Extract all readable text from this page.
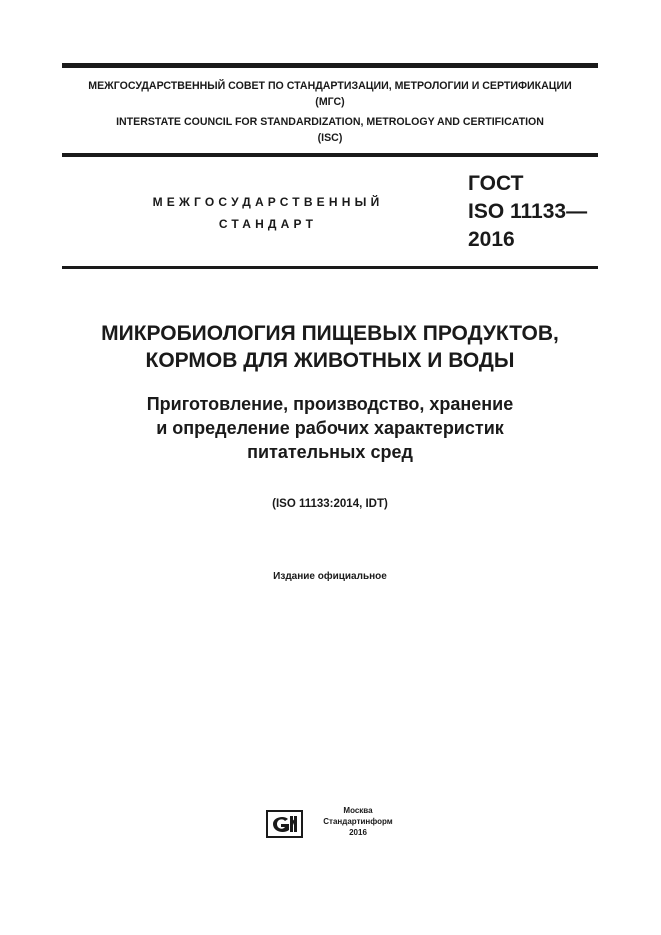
МЕЖГОСУДАРСТВЕННЫЙ СОВЕТ ПО СТАНДАРТИЗАЦИИ, МЕТРОЛОГИИ И СЕРТИФИКАЦИИ
(МГС)
INTERSTATE COUNCIL FOR STANDARDIZATION, METROLOGY AND CERTIFICATION
(ISC)
МЕЖГОСУДАРСТВЕННЫЙ
СТАНДАРТ
ГОСТ
ISO 11133—
2016
МИКРОБИОЛОГИЯ ПИЩЕВЫХ ПРОДУКТОВ,
КОРМОВ ДЛЯ ЖИВОТНЫХ И ВОДЫ
Приготовление, производство, хранение
и определение рабочих характеристик
питательных сред
(ISO 11133:2014, IDT)
Издание официальное
Москва
Стандартинформ
2016
